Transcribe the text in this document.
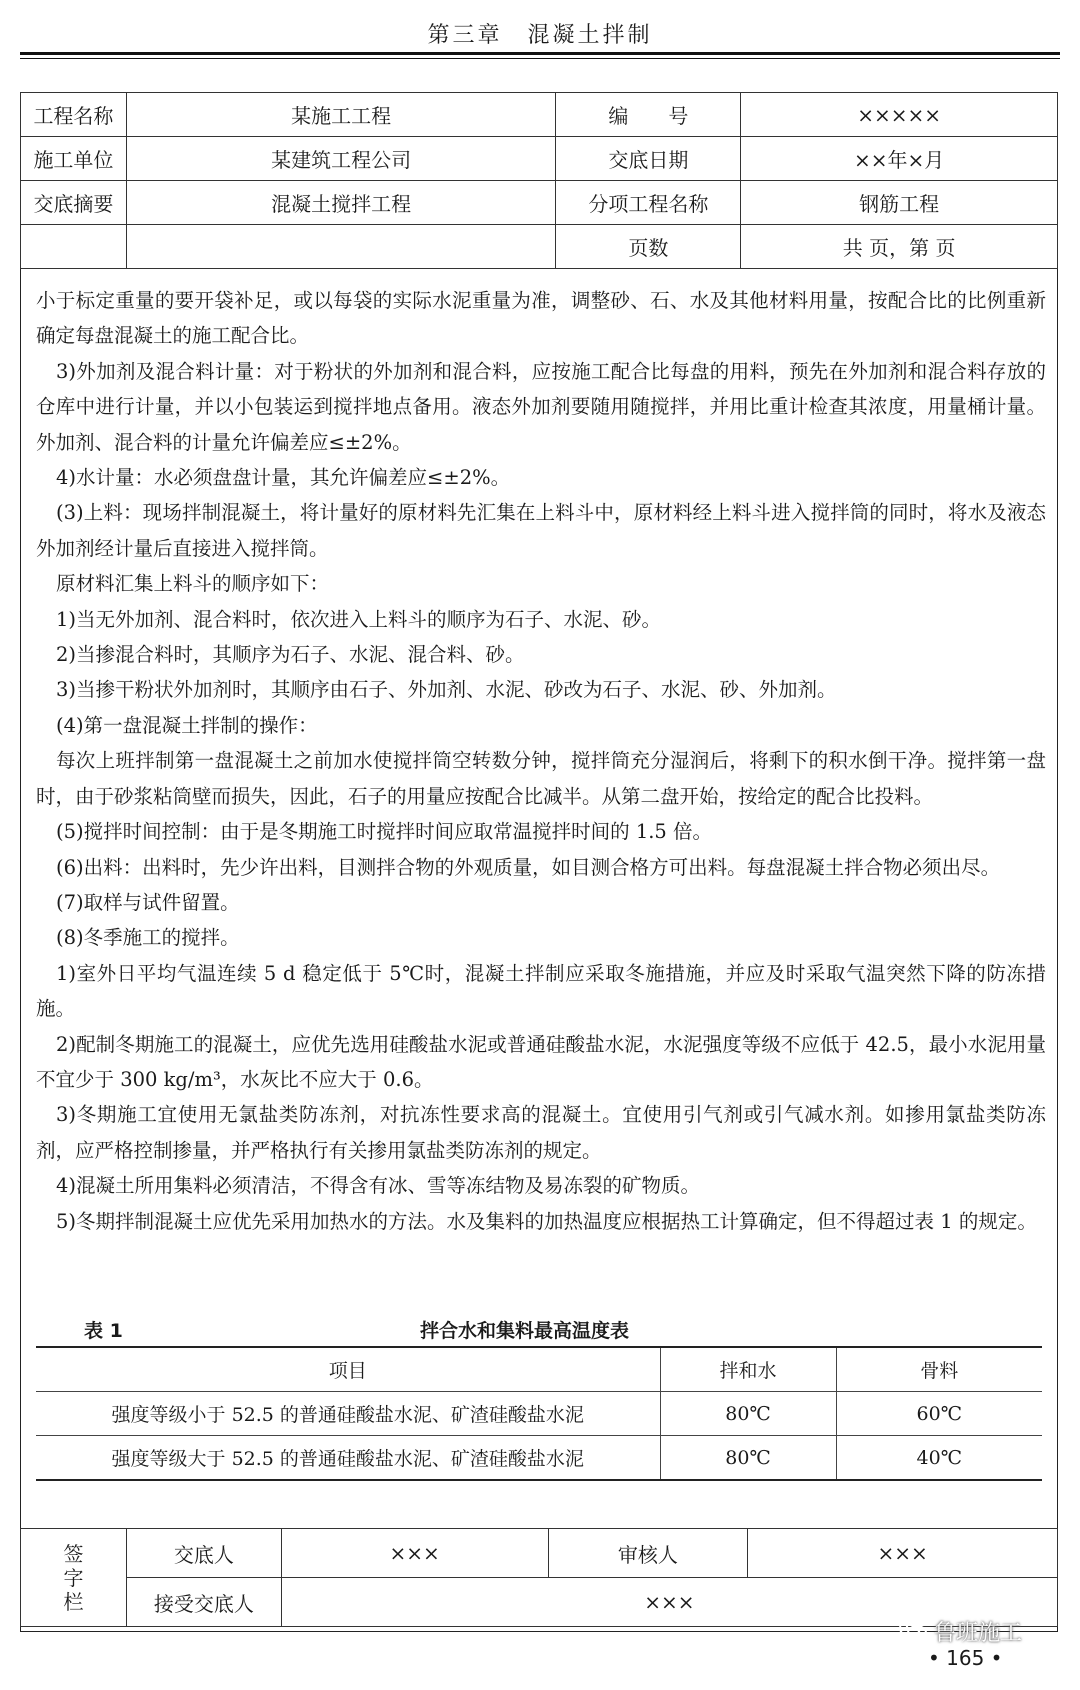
第三章　混凝土拌制
工程名称	某施工工程	编　　号	×××××
施工单位	某建筑工程公司	交底日期	××年×月
交底摘要	混凝土搅拌工程	分项工程名称	钢筋工程
		页数	共 页，第 页

小于标定重量的要开袋补足，或以每袋的实际水泥重量为准，调整砂、石、水及其他材料用量，按配合比的比例重新确定每盘混凝土的施工配合比。

3)外加剂及混合料计量：对于粉状的外加剂和混合料，应按施工配合比每盘的用料，预先在外加剂和混合料存放的仓库中进行计量，并以小包装运到搅拌地点备用。液态外加剂要随用随搅拌，并用比重计检查其浓度，用量桶计量。外加剂、混合料的计量允许偏差应≤±2%。

4)水计量：水必须盘盘计量，其允许偏差应≤±2%。

(3)上料：现场拌制混凝土，将计量好的原材料先汇集在上料斗中，原材料经上料斗进入搅拌筒的同时，将水及液态外加剂经计量后直接进入搅拌筒。

原材料汇集上料斗的顺序如下：

1)当无外加剂、混合料时，依次进入上料斗的顺序为石子、水泥、砂。

2)当掺混合料时，其顺序为石子、水泥、混合料、砂。

3)当掺干粉状外加剂时，其顺序由石子、外加剂、水泥、砂改为石子、水泥、砂、外加剂。

(4)第一盘混凝土拌制的操作：

每次上班拌制第一盘混凝土之前加水使搅拌筒空转数分钟，搅拌筒充分湿润后，将剩下的积水倒干净。搅拌第一盘时，由于砂浆粘筒壁而损失，因此，石子的用量应按配合比减半。从第二盘开始，按给定的配合比投料。

(5)搅拌时间控制：由于是冬期施工时搅拌时间应取常温搅拌时间的 1.5 倍。

(6)出料：出料时，先少许出料，目测拌合物的外观质量，如目测合格方可出料。每盘混凝土拌合物必须出尽。

(7)取样与试件留置。

(8)冬季施工的搅拌。

1)室外日平均气温连续 5 d 稳定低于 5℃时，混凝土拌制应采取冬施措施，并应及时采取气温突然下降的防冻措施。

2)配制冬期施工的混凝土，应优先选用硅酸盐水泥或普通硅酸盐水泥，水泥强度等级不应低于 42.5，最小水泥用量不宜少于 300 kg/m³，水灰比不应大于 0.6。

3)冬期施工宜使用无氯盐类防冻剂，对抗冻性要求高的混凝土。宜使用引气剂或引气减水剂。如掺用氯盐类防冻剂，应严格控制掺量，并严格执行有关掺用氯盐类防冻剂的规定。

4)混凝土所用集料必须清洁，不得含有冰、雪等冻结物及易冻裂的矿物质。

5)冬期拌制混凝土应优先采用加热水的方法。水及集料的加热温度应根据热工计算确定，但不得超过表 1 的规定。

表 1	拌合水和集料最高温度表
项目	拌和水	骨料
强度等级小于 52.5 的普通硅酸盐水泥、矿渣硅酸盐水泥	80℃	60℃
强度等级大于 52.5 的普通硅酸盐水泥、矿渣硅酸盐水泥	80℃	40℃
签字栏	交底人	×××	审核人	×××
	接受交底人	×××		
• 165 •
鲁班施工
